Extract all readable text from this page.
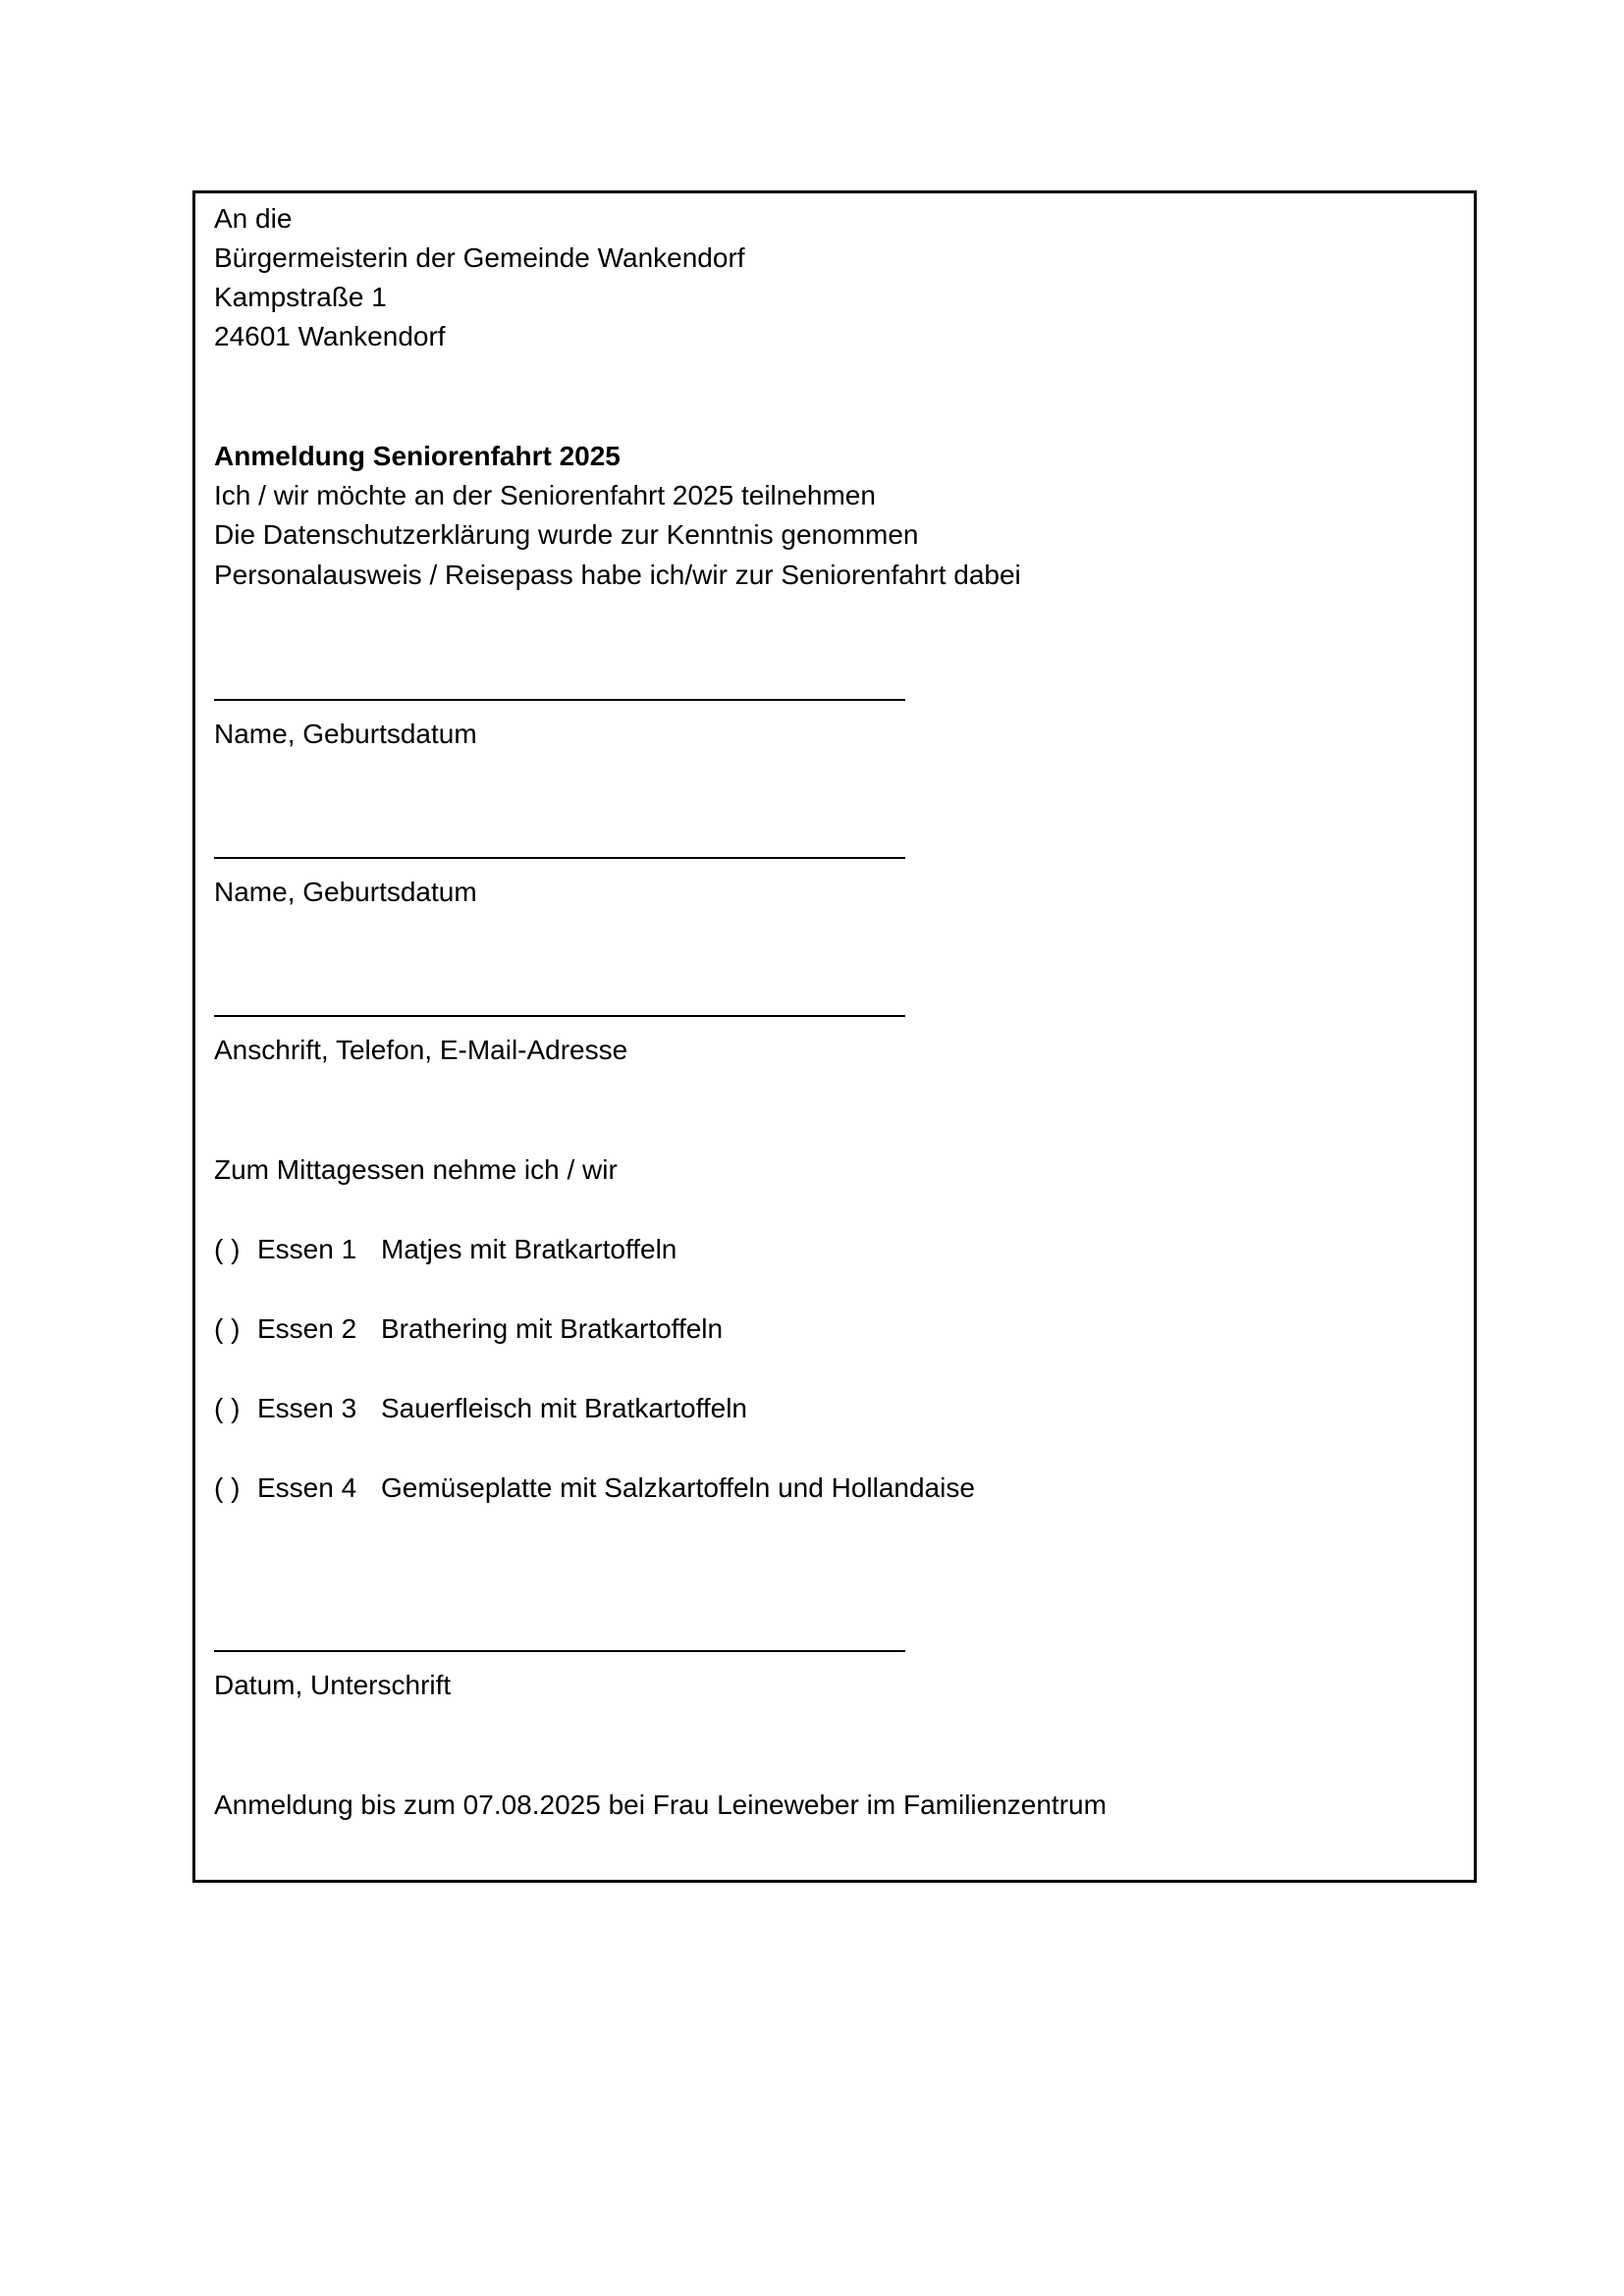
An die
Bürgermeisterin der Gemeinde Wankendorf
Kampstraße 1
24601 Wankendorf
Anmeldung Seniorenfahrt 2025
Ich / wir möchte an der Seniorenfahrt 2025 teilnehmen
Die Datenschutzerklärung wurde zur Kenntnis genommen
Personalausweis / Reisepass habe ich/wir zur Seniorenfahrt dabei
Name, Geburtsdatum
Name, Geburtsdatum
Anschrift, Telefon, E-Mail-Adresse
Zum Mittagessen nehme ich / wir
( ) Essen 1 Matjes mit Bratkartoffeln
( ) Essen 2 Brathering mit Bratkartoffeln
( ) Essen 3 Sauerfleisch mit Bratkartoffeln
( ) Essen 4 Gemüseplatte mit Salzkartoffeln und Hollandaise
Datum, Unterschrift
Anmeldung bis zum 07.08.2025 bei Frau Leineweber im Familienzentrum
